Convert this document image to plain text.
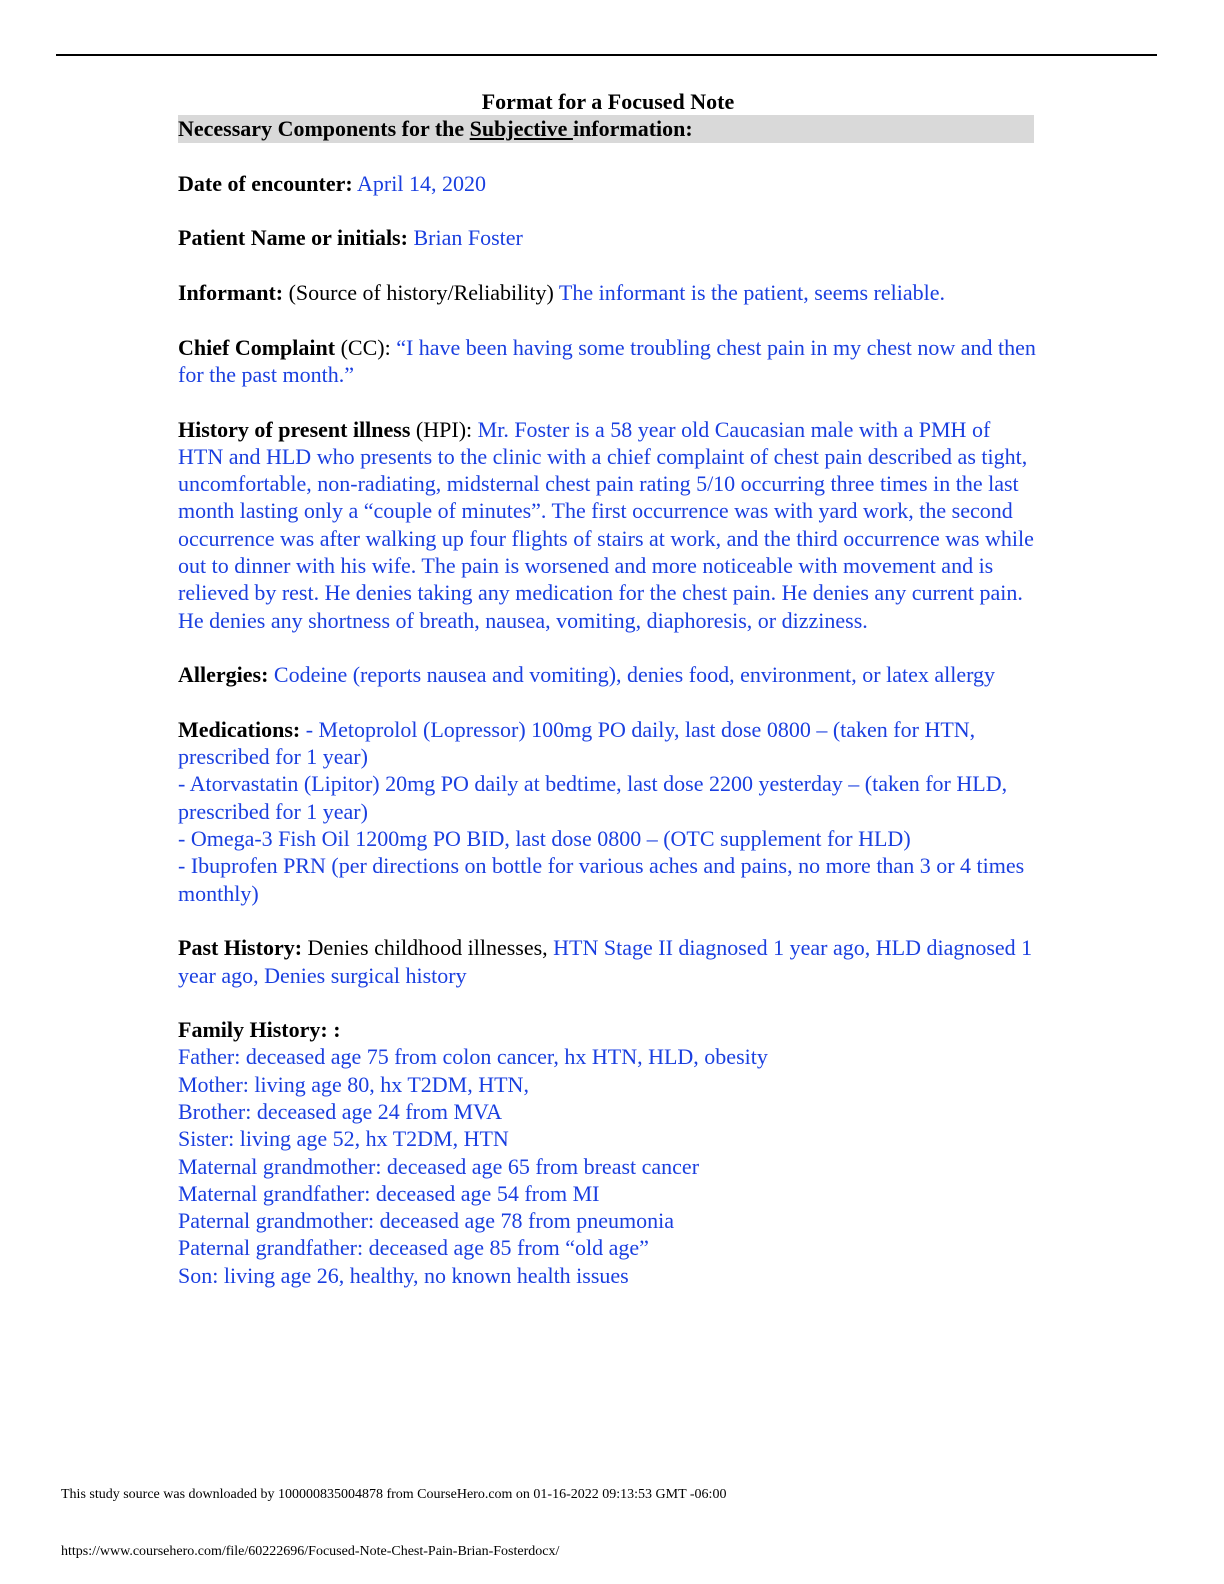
Format for a Focused Note

Necessary Components for the Subjective information:

Date of encounter: April 14, 2020

Patient Name or initials: Brian Foster

Informant: (Source of history/Reliability) The informant is the patient, seems reliable.

Chief Complaint (CC): “I have been having some troubling chest pain in my chest now and then for the past month.”

History of present illness (HPI): Mr. Foster is a 58 year old Caucasian male with a PMH of HTN and HLD who presents to the clinic with a chief complaint of chest pain described as tight, uncomfortable, non-radiating, midsternal chest pain rating 5/10 occurring three times in the last month lasting only a “couple of minutes”. The first occurrence was with yard work, the second occurrence was after walking up four flights of stairs at work, and the third occurrence was while out to dinner with his wife. The pain is worsened and more noticeable with movement and is relieved by rest. He denies taking any medication for the chest pain. He denies any current pain. He denies any shortness of breath, nausea, vomiting, diaphoresis, or dizziness.

Allergies: Codeine (reports nausea and vomiting), denies food, environment, or latex allergy

Medications: - Metoprolol (Lopressor) 100mg PO daily, last dose 0800 – (taken for HTN, prescribed for 1 year)
- Atorvastatin (Lipitor) 20mg PO daily at bedtime, last dose 2200 yesterday – (taken for HLD, prescribed for 1 year)
- Omega-3 Fish Oil 1200mg PO BID, last dose 0800 – (OTC supplement for HLD)
- Ibuprofen PRN (per directions on bottle for various aches and pains, no more than 3 or 4 times monthly)

Past History: Denies childhood illnesses, HTN Stage II diagnosed 1 year ago, HLD diagnosed 1 year ago, Denies surgical history

Family History: :
Father: deceased age 75 from colon cancer, hx HTN, HLD, obesity
Mother: living age 80, hx T2DM, HTN,
Brother: deceased age 24 from MVA
Sister: living age 52, hx T2DM, HTN
Maternal grandmother: deceased age 65 from breast cancer
Maternal grandfather: deceased age 54 from MI
Paternal grandmother: deceased age 78 from pneumonia
Paternal grandfather: deceased age 85 from “old age”
Son: living age 26, healthy, no known health issues

This study source was downloaded by 100000835004878 from CourseHero.com on 01-16-2022 09:13:53 GMT -06:00
https://www.coursehero.com/file/60222696/Focused-Note-Chest-Pain-Brian-Fosterdocx/
